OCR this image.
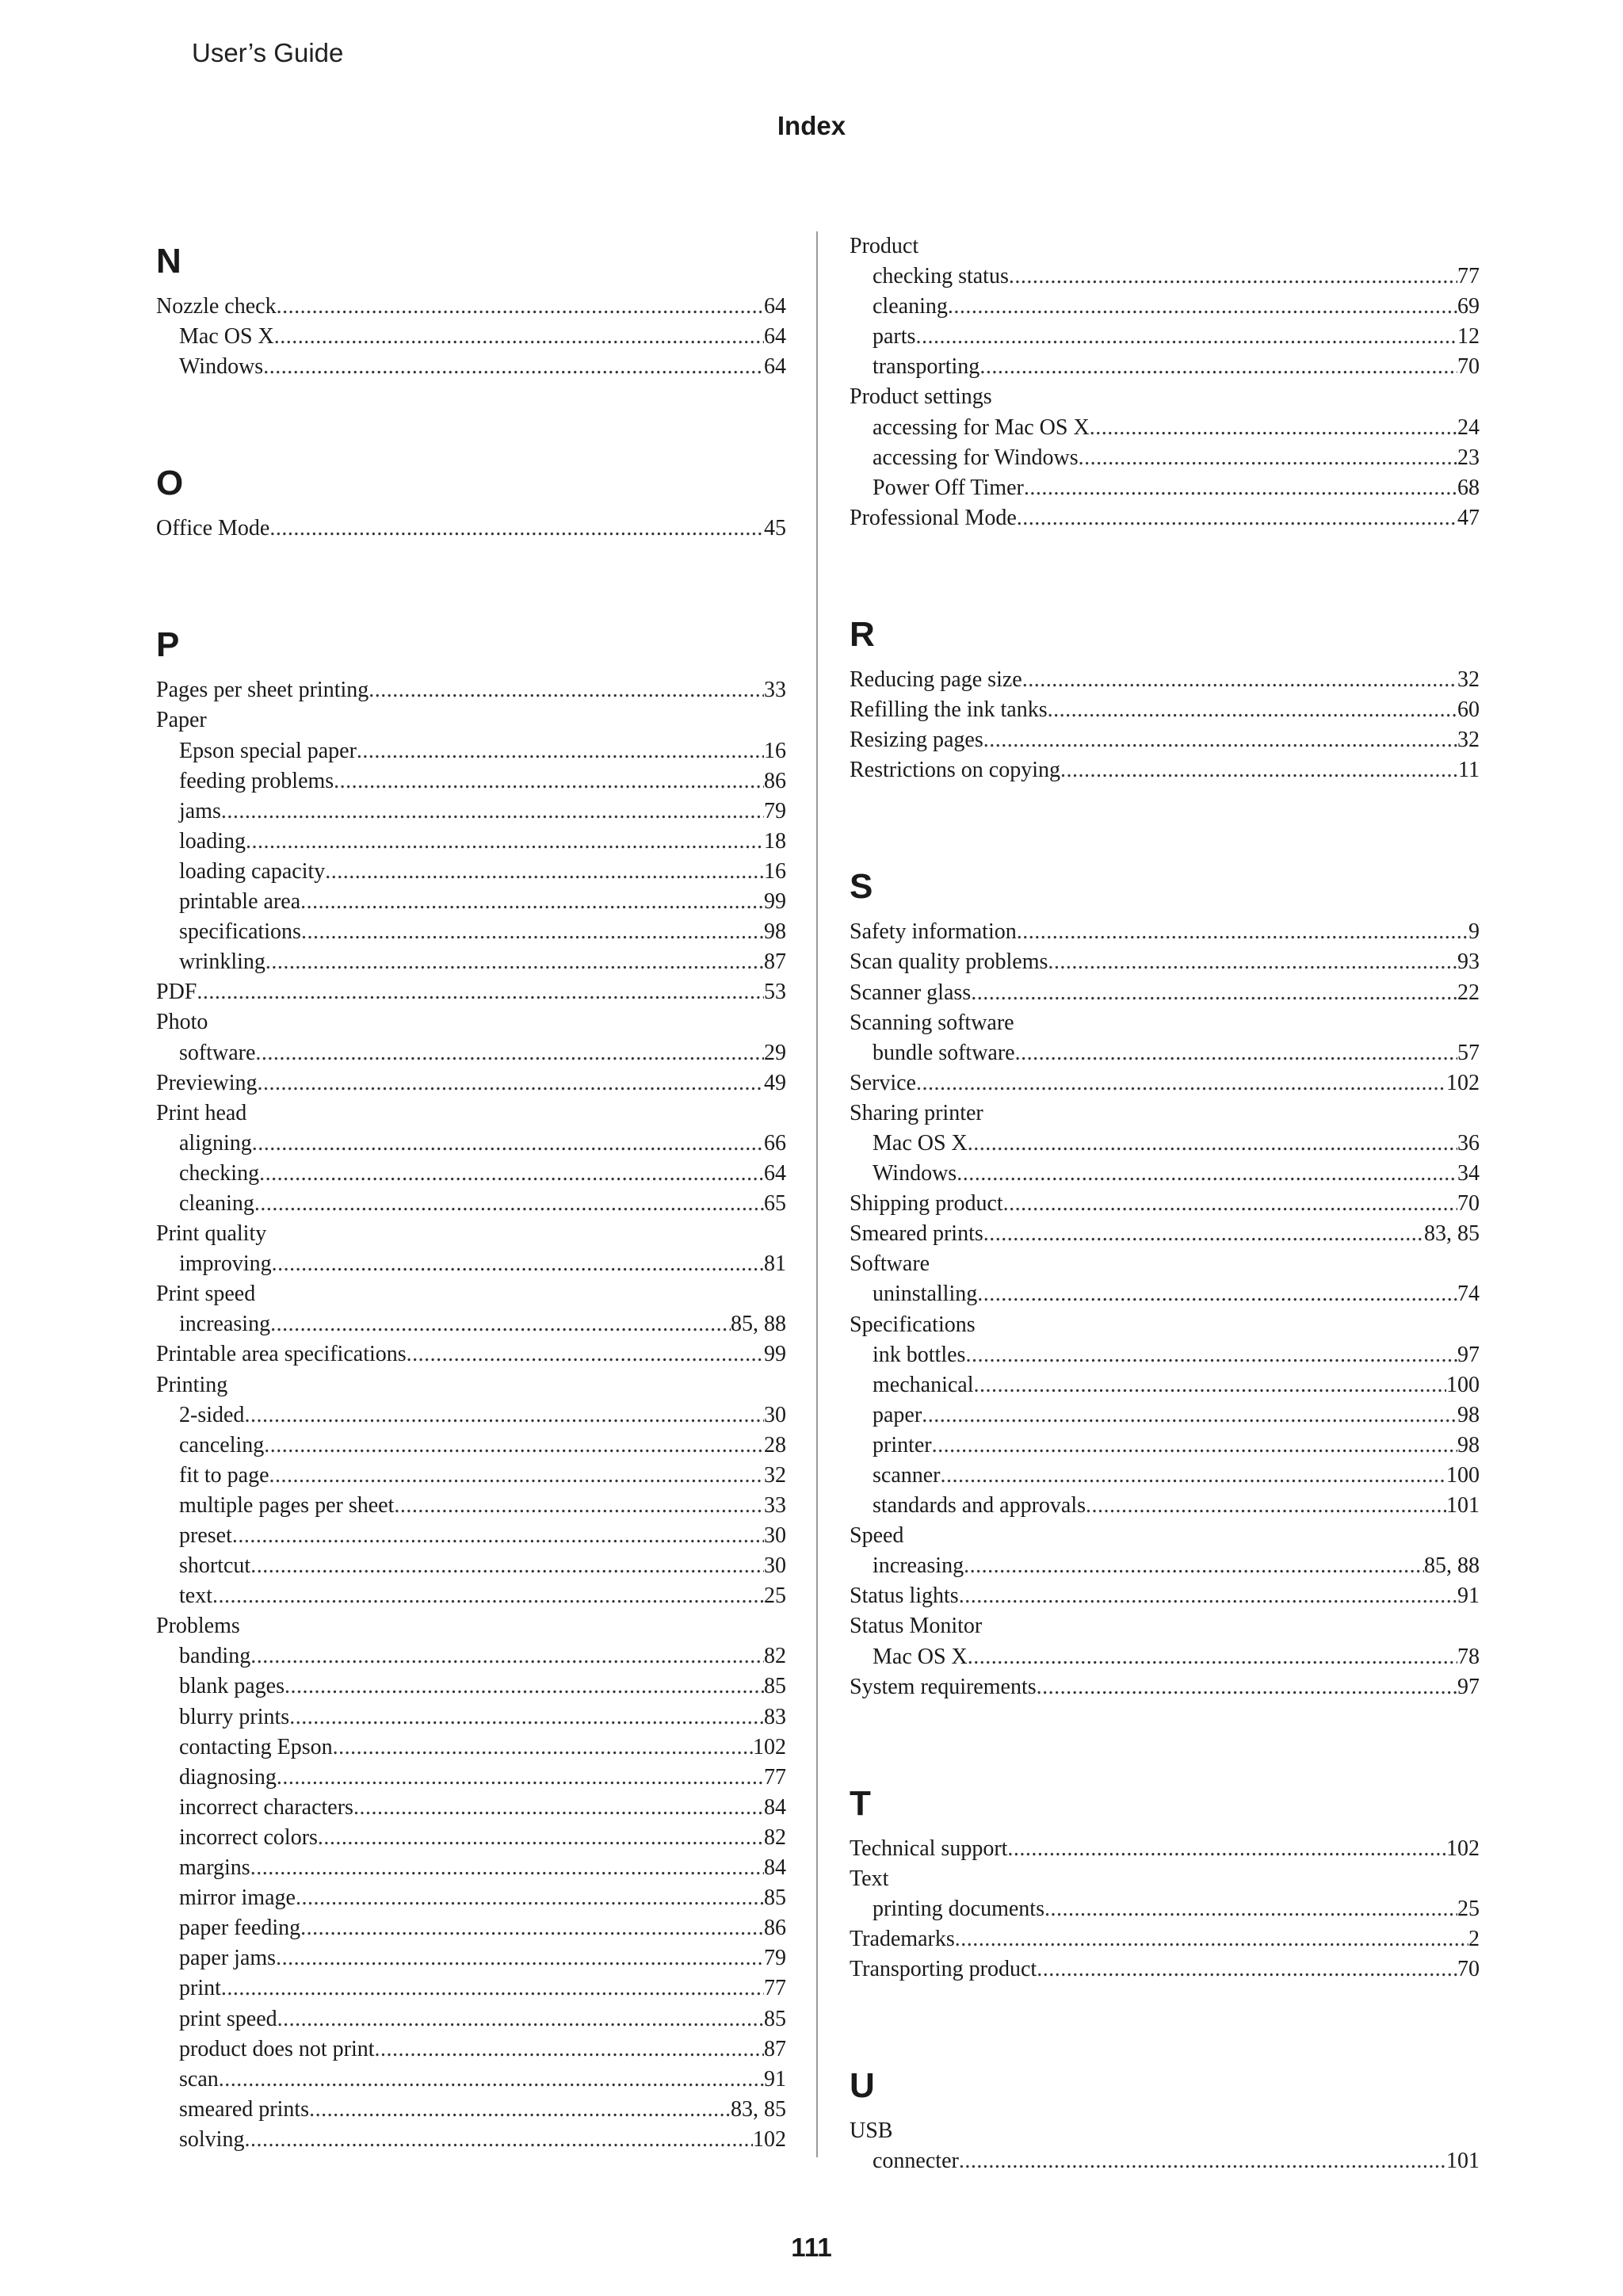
User’s Guide
Index
N
Nozzle check .....	64
Mac OS X .....	64
Windows .....	64
O
Office Mode .....	45
P
Pages per sheet printing .....	33
Paper
Epson special paper .....	16
feeding problems .....	86
jams .....	79
loading .....	18
loading capacity .....	16
printable area .....	99
specifications .....	98
wrinkling .....	87
PDF .....	53
Photo
software .....	29
Previewing .....	49
Print head
aligning .....	66
checking .....	64
cleaning .....	65
Print quality
improving .....	81
Print speed
increasing .....	85, 88
Printable area specifications .....	99
Printing
2-sided .....	30
canceling .....	28
fit to page .....	32
multiple pages per sheet .....	33
preset .....	30
shortcut .....	30
text .....	25
Problems
banding .....	82
blank pages .....	85
blurry prints .....	83
contacting Epson .....	102
diagnosing .....	77
incorrect characters .....	84
incorrect colors .....	82
margins .....	84
mirror image .....	85
paper feeding .....	86
paper jams .....	79
print .....	77
print speed .....	85
product does not print .....	87
scan .....	91
smeared prints .....	83, 85
solving .....	102
Product
checking status .....	77
cleaning .....	69
parts .....	12
transporting .....	70
Product settings
accessing for Mac OS X .....	24
accessing for Windows .....	23
Power Off Timer .....	68
Professional Mode .....	47
R
Reducing page size .....	32
Refilling the ink tanks .....	60
Resizing pages .....	32
Restrictions on copying .....	11
S
Safety information .....	9
Scan quality problems .....	93
Scanner glass .....	22
Scanning software
bundle software .....	57
Service .....	102
Sharing printer
Mac OS X .....	36
Windows .....	34
Shipping product .....	70
Smeared prints .....	83, 85
Software
uninstalling .....	74
Specifications
ink bottles .....	97
mechanical .....	100
paper .....	98
printer .....	98
scanner .....	100
standards and approvals .....	101
Speed
increasing .....	85, 88
Status lights .....	91
Status Monitor
Mac OS X .....	78
System requirements .....	97
T
Technical support .....	102
Text
printing documents .....	25
Trademarks .....	2
Transporting product .....	70
U
USB
connecter .....	101
111
